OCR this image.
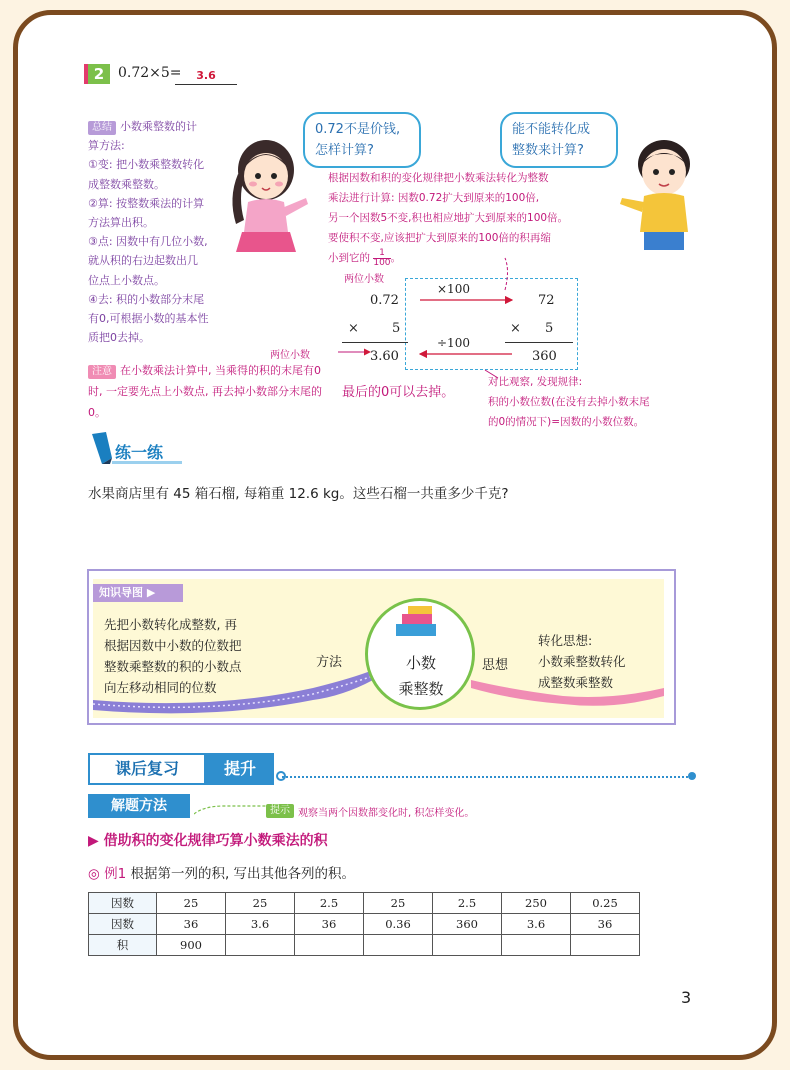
2 0.72×5=	3.6
总结 小数乘整数的计
算方法:
①变: 把小数乘整数转化
成整数乘整数。
②算: 按整数乘法的计算
方法算出积。
③点: 因数中有几位小数,
就从积的右边起数出几
位点上小数点。
④去: 积的小数部分末尾
有0,可根据小数的基本性
质把0去掉。
注意 在小数乘法计算中, 当乘得的积的末尾有0时, 一定要先点上小数点, 再去掉小数部分末尾的0。
0.72不是价钱,
怎样计算?
能不能转化成
整数来计算?
根据因数和积的变化规律把小数乘法转化为整数
乘法进行计算: 因数0.72扩大到原来的100倍,
另一个因数5不变,积也相应地扩大到原来的100倍。
要使积不变,应该把扩大到原来的100倍的积再缩
小到它的 $\frac{1}{100}$ 。
两位小数
0.72
×	5
3.60
72
× 5
360
×100
÷100
两位小数
最后的0可以去掉。
对比观察, 发现规律:
积的小数位数(在没有去掉小数末尾
的0的情况下)=因数的小数位数。
练一练
水果商店里有 45 箱石榴, 每箱重 12.6 kg。这些石榴一共重多少千克?
知识导图 ▶
先把小数转化成整数, 再
根据因数中小数的位数把
整数乘整数的积的小数点
向左移动相同的位数
方法	小数
乘整数
思想
转化思想:
小数乘整数转化
成整数乘整数
课后复习	提升
解题方法	提示 观察当两个因数都变化时, 积怎样变化。
▶ 借助积的变化规律巧算小数乘法的积
◎ 例1 根据第一列的积, 写出其他各列的积。
因数	25	25	2.5	25	2.5	250	0.25
因数	36	3.6	36	0.36	360	3.6	36
积	900						
3
